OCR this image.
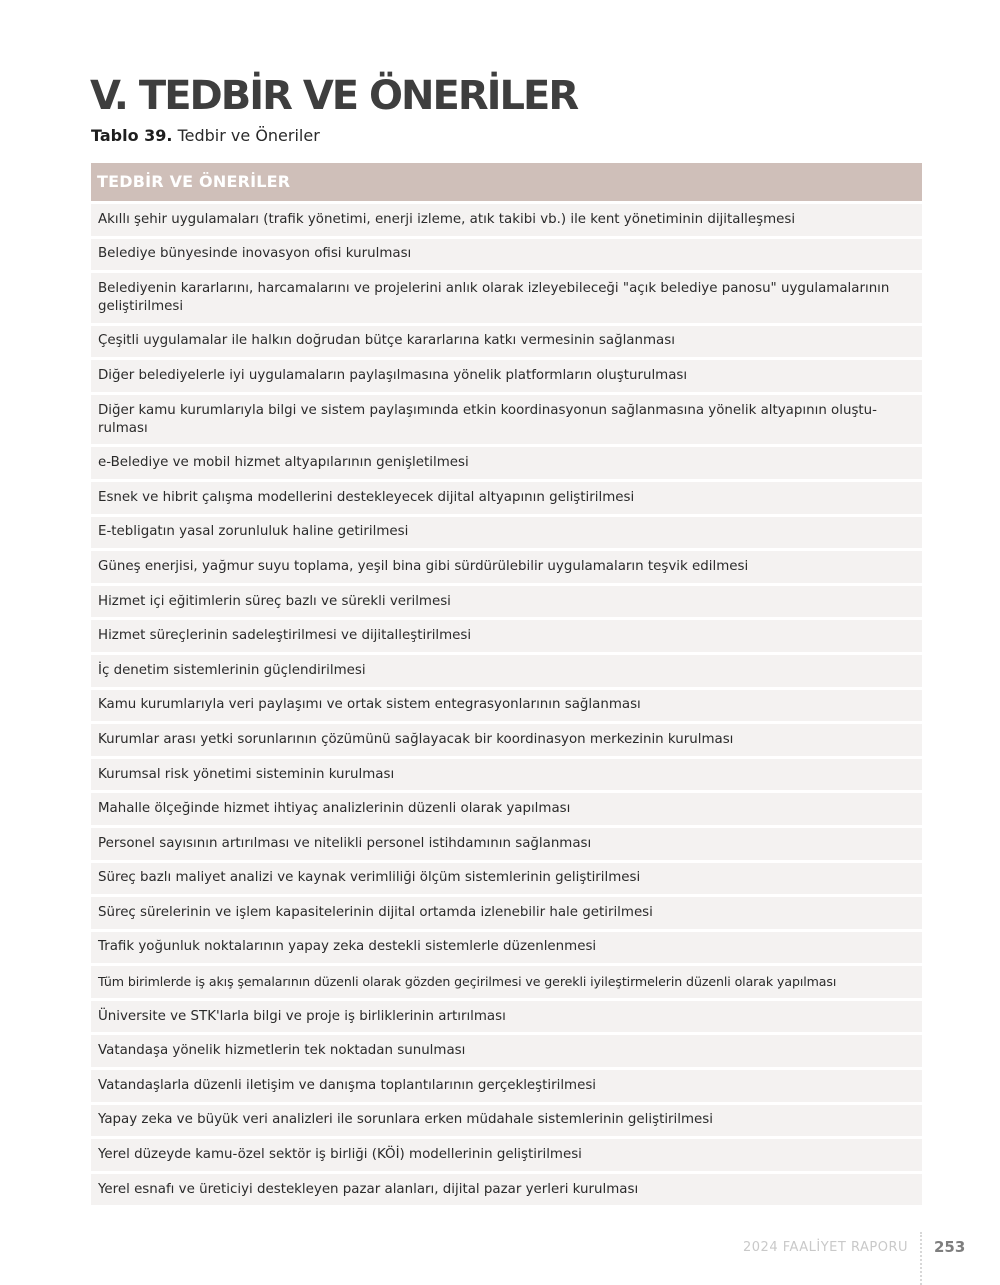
V. TEDBİR VE ÖNERİLER
Tablo 39. Tedbir ve Öneriler
TEDBİR VE ÖNERİLER
Akıllı şehir uygulamaları (trafik yönetimi, enerji izleme, atık takibi vb.) ile kent yönetiminin dijitalleşmesi
Belediye bünyesinde inovasyon ofisi kurulması
Belediyenin kararlarını, harcamalarını ve projelerini anlık olarak izleyebileceği "açık belediye panosu" uygulamalarının geliştirilmesi
Çeşitli uygulamalar ile halkın doğrudan bütçe kararlarına katkı vermesinin sağlanması
Diğer belediyelerle iyi uygulamaların paylaşılmasına yönelik platformların oluşturulması
Diğer kamu kurumlarıyla bilgi ve sistem paylaşımında etkin koordinasyonun sağlanmasına yönelik altyapının oluştu-rulması
e-Belediye ve mobil hizmet altyapılarının genişletilmesi
Esnek ve hibrit çalışma modellerini destekleyecek dijital altyapının geliştirilmesi
E-tebligatın yasal zorunluluk haline getirilmesi
Güneş enerjisi, yağmur suyu toplama, yeşil bina gibi sürdürülebilir uygulamaların teşvik edilmesi
Hizmet içi eğitimlerin süreç bazlı ve sürekli verilmesi
Hizmet süreçlerinin sadeleştirilmesi ve dijitalleştirilmesi
İç denetim sistemlerinin güçlendirilmesi
Kamu kurumlarıyla veri paylaşımı ve ortak sistem entegrasyonlarının sağlanması
Kurumlar arası yetki sorunlarının çözümünü sağlayacak bir koordinasyon merkezinin kurulması
Kurumsal risk yönetimi sisteminin kurulması
Mahalle ölçeğinde hizmet ihtiyaç analizlerinin düzenli olarak yapılması
Personel sayısının artırılması ve nitelikli personel istihdamının sağlanması
Süreç bazlı maliyet analizi ve kaynak verimliliği ölçüm sistemlerinin geliştirilmesi
Süreç sürelerinin ve işlem kapasitelerinin dijital ortamda izlenebilir hale getirilmesi
Trafik yoğunluk noktalarının yapay zeka destekli sistemlerle düzenlenmesi
Tüm birimlerde iş akış şemalarının düzenli olarak gözden geçirilmesi ve gerekli iyileştirmelerin düzenli olarak yapılması
Üniversite ve STK'larla bilgi ve proje iş birliklerinin artırılması
Vatandaşa yönelik hizmetlerin tek noktadan sunulması
Vatandaşlarla düzenli iletişim ve danışma toplantılarının gerçekleştirilmesi
Yapay zeka ve büyük veri analizleri ile sorunlara erken müdahale sistemlerinin geliştirilmesi
Yerel düzeyde kamu-özel sektör iş birliği (KÖİ) modellerinin geliştirilmesi
Yerel esnafı ve üreticiyi destekleyen pazar alanları, dijital pazar yerleri kurulması
2024 FAALİYET RAPORU 253
